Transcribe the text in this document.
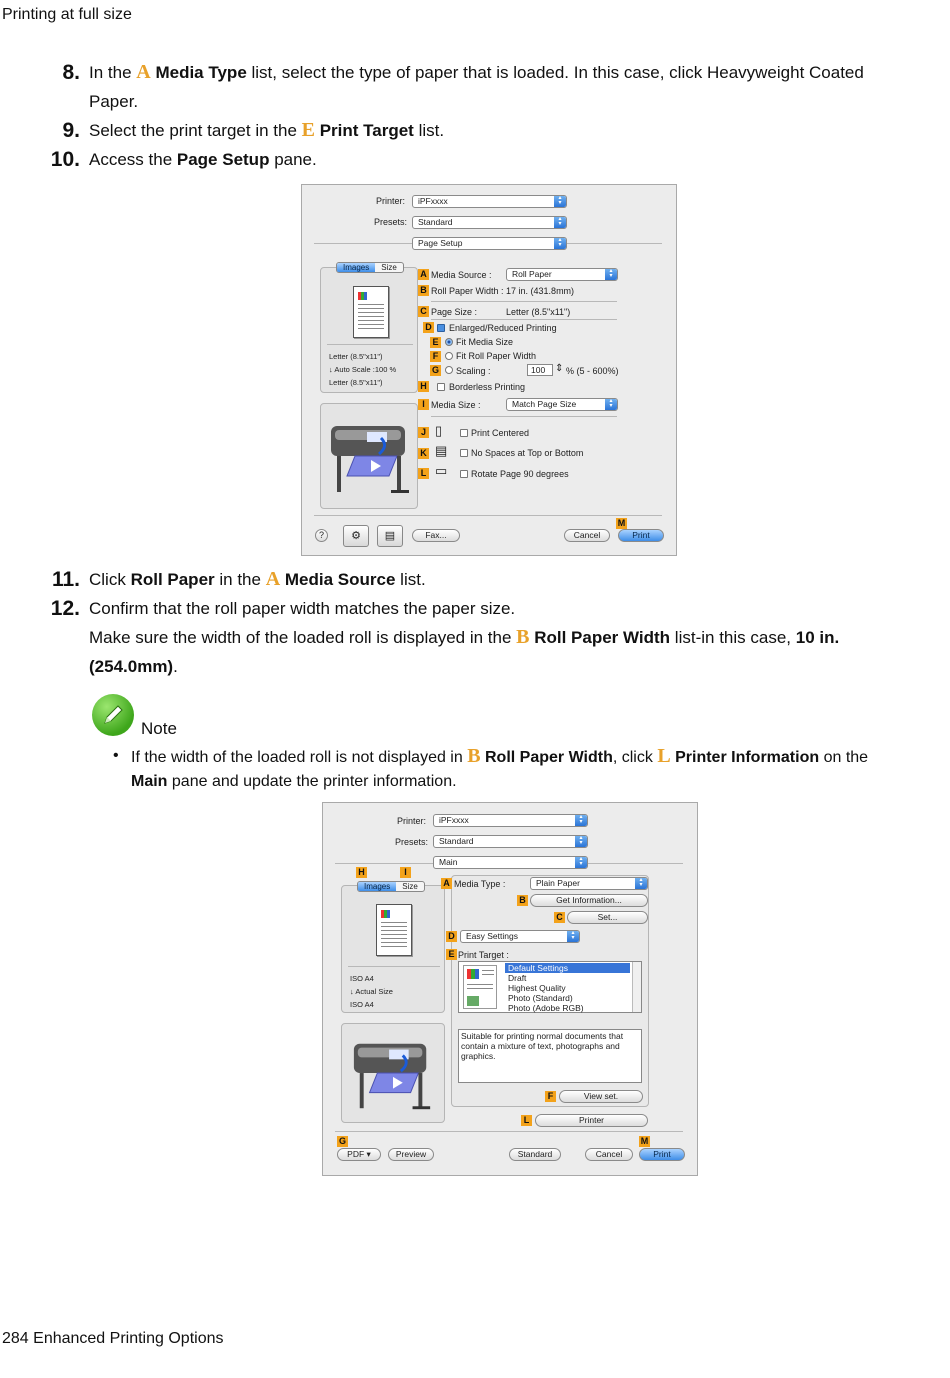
Printing at full size
8. In the A Media Type list, select the type of paper that is loaded. In this case, click Heavyweight Coated Paper.
9. Select the print target in the E Print Target list.
10. Access the Page Setup pane.
Printer:	iPFxxxx	▴
▾
Presets:	Standard	▴
▾
Page Setup	▴
▾
Letter (8.5"x11")
↓ Auto Scale :100 %
Letter (8.5"x11")
Images	Size
A Media Source :	Roll Paper	▴
▾
B Roll Paper Width : 17 in. (431.8mm)
C Page Size :	Letter (8.5"x11")
D Enlarged/Reduced Printing
E Fit Media Size
F	Fit Roll Paper Width
G Scaling :	100 ⇕ % (5 - 600%)
H Borderless Printing
I Media Size :	Match Page Size	▴
▾
J ▯	Print Centered
K ▤	No Spaces at Top or Bottom
L ▭	Rotate Page 90 degrees
?	⚙	▤	Fax...	Cancel
M
Print
11. Click Roll Paper in the A Media Source list.
12. Confirm that the roll paper width matches the paper size.
Make sure the width of the loaded roll is displayed in the B Roll Paper Width list-in this case, 10 in. (254.0mm).
Note
• If the width of the loaded roll is not displayed in B Roll Paper Width, click L Printer Information on the Main pane and update the printer information.
Printer:	iPFxxxx	▴
▾
Presets:	Standard	▴
▾
Main	▴
▾
H	I
ISO A4
↓ Actual Size
ISO A4
Images	Size	A Media Type :	Plain Paper	▴
▾
B	Get Information...
C	Set...
D	Easy Settings	▴
▾
E Print Target :
Default Settings
Draft
Highest Quality
Photo (Standard)
Photo (Adobe RGB)
Suitable for printing normal documents that contain a mixture of text, photographs and graphics.
F	View set.
L	Printer
G
PDF ▾	Preview	Standard	Cancel
M
Print
284 Enhanced Printing Options
